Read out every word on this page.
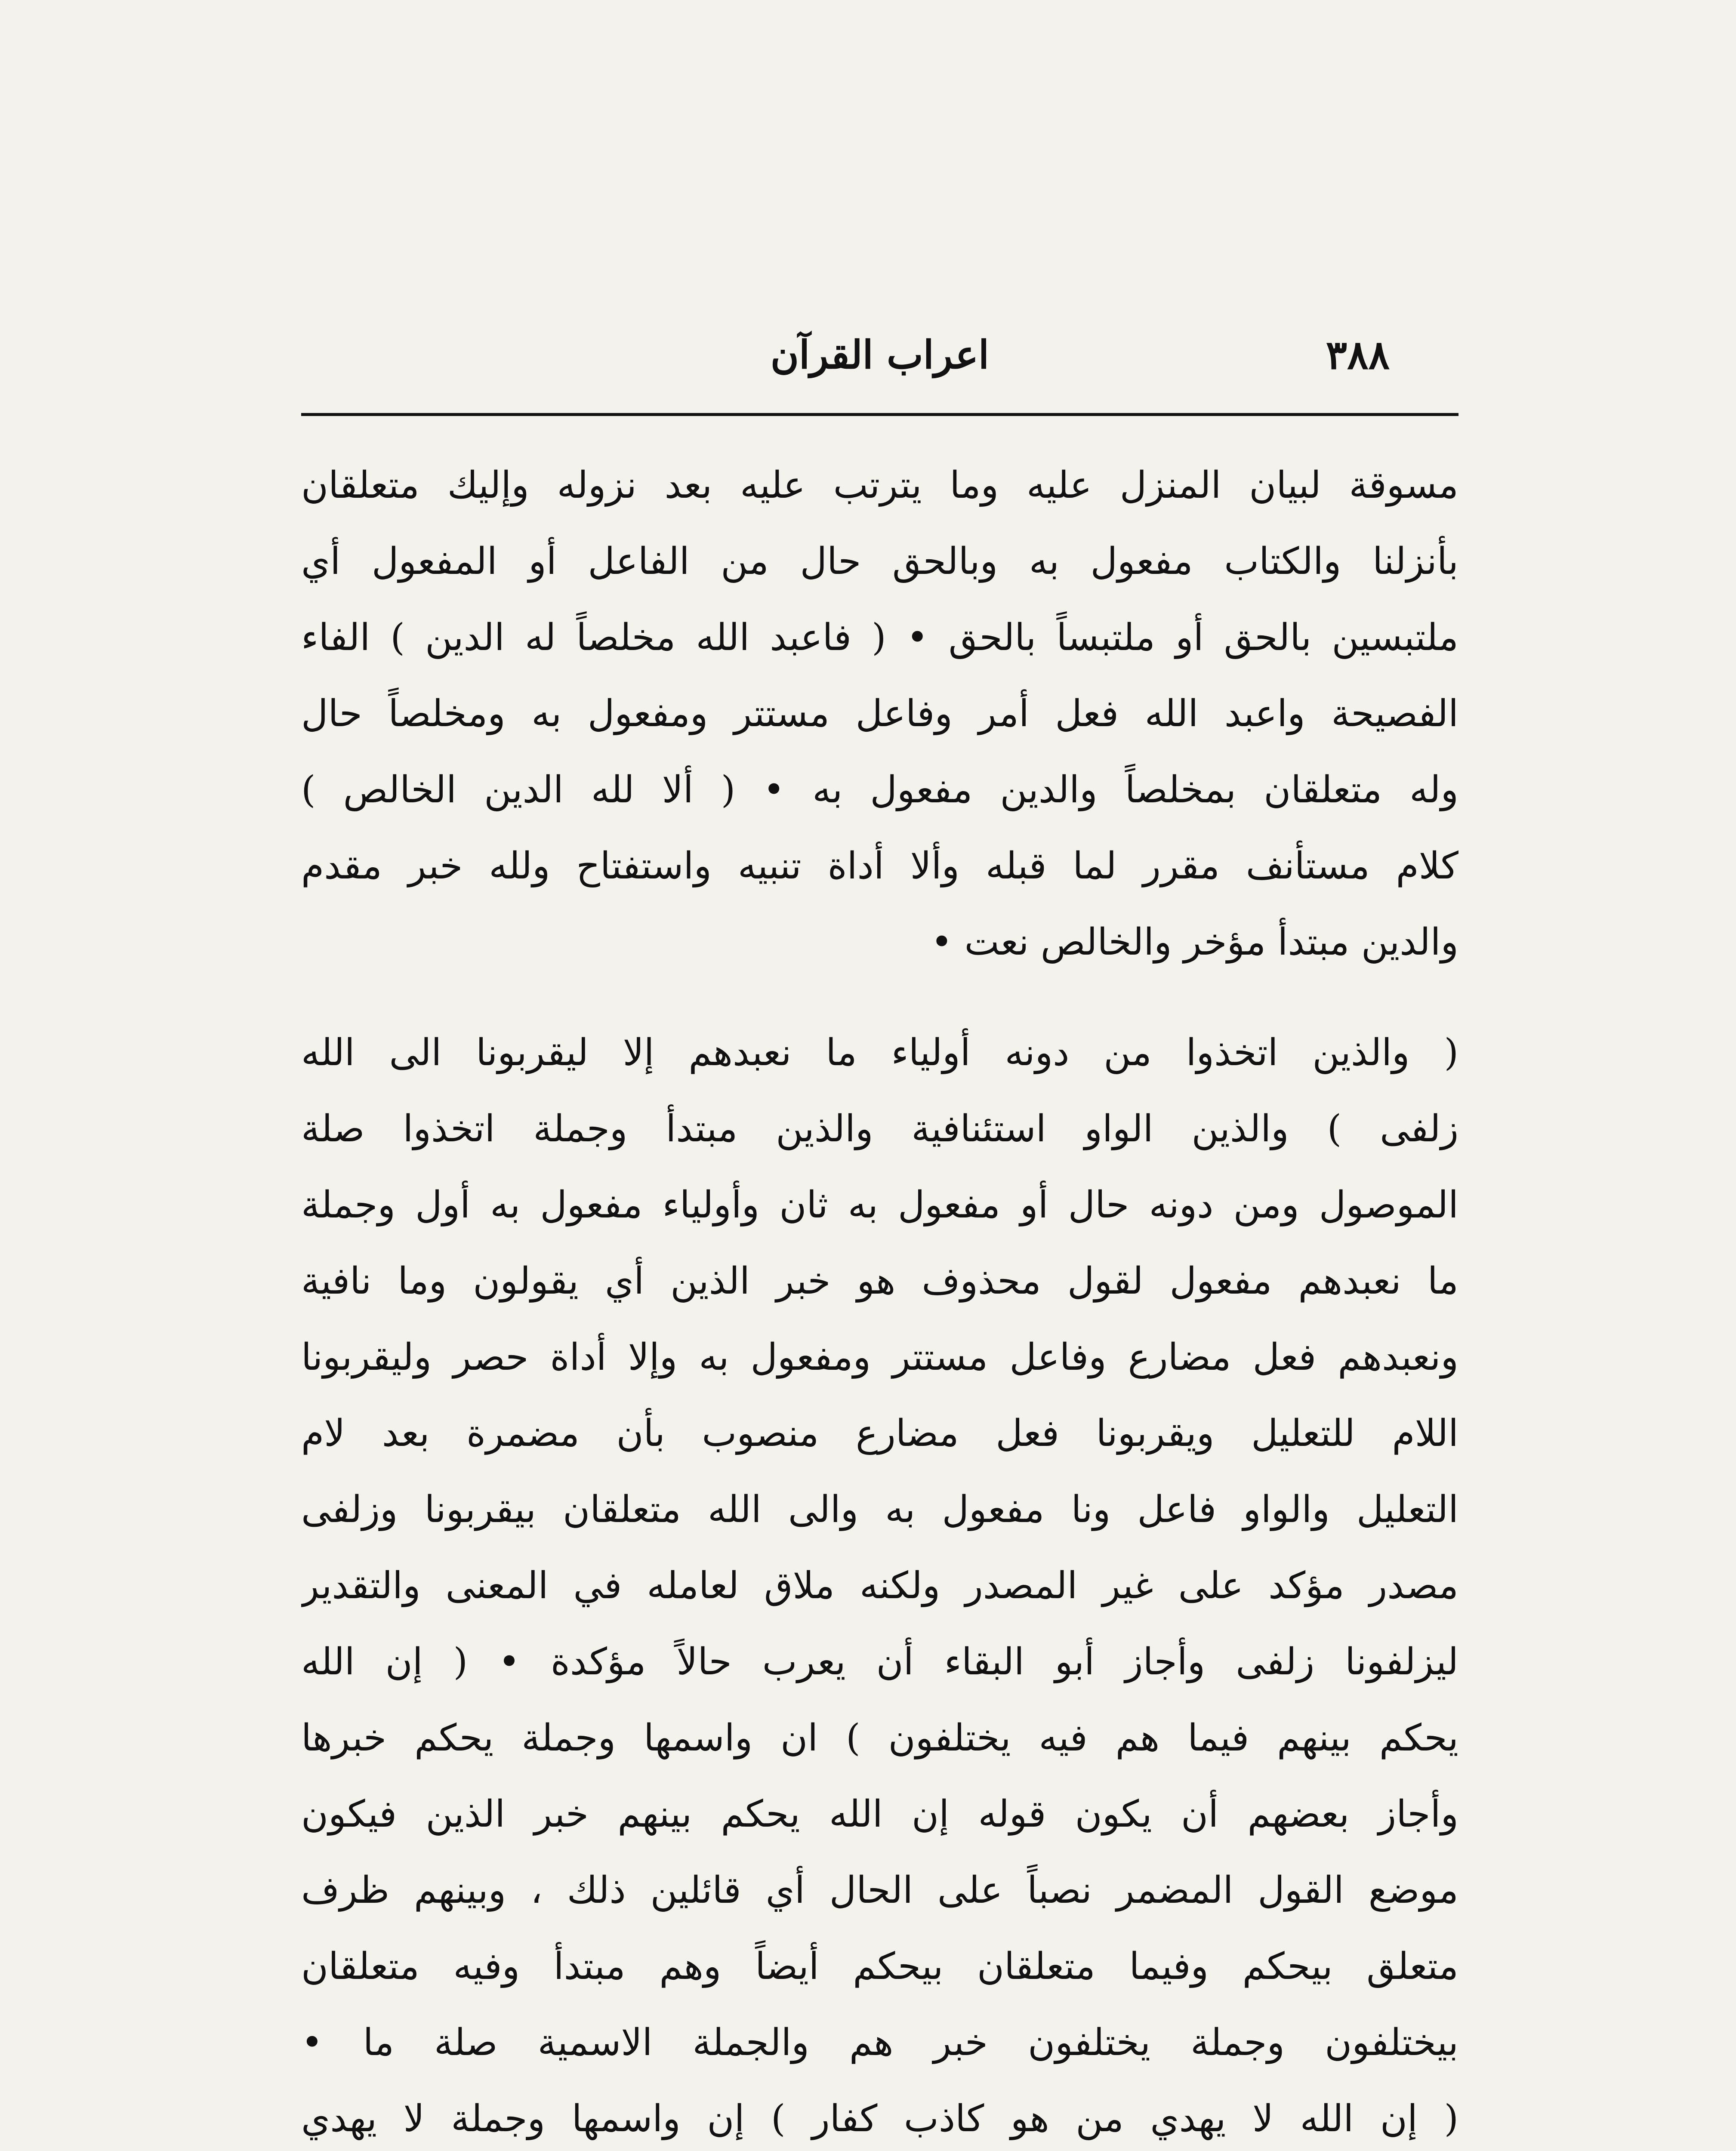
٣٨٨
اعراب القرآن
مسوقة لبيان المنزل عليه وما يترتب عليه بعد نزوله وإليك متعلقان
بأنزلنا والكتاب مفعول به وبالحق حال من الفاعل أو المفعول أي
ملتبسين بالحق أو ملتبساً بالحق • ( فاعبد الله مخلصاً له الدين ) الفاء
الفصيحة واعبد الله فعل أمر وفاعل مستتر ومفعول به ومخلصاً حال
وله متعلقان بمخلصاً والدين مفعول به • ( ألا لله الدين الخالص )
كلام مستأنف مقرر لما قبله وألا أداة تنبيه واستفتاح ولله خبر مقدم
والدين مبتدأ مؤخر والخالص نعت •
( والذين اتخذوا من دونه أولياء ما نعبدهم إلا ليقربونا الى الله
زلفى ) والذين الواو استئنافية والذين مبتدأ وجملة اتخذوا صلة
الموصول ومن دونه حال أو مفعول به ثان وأولياء مفعول به أول وجملة
ما نعبدهم مفعول لقول محذوف هو خبر الذين أي يقولون وما نافية
ونعبدهم فعل مضارع وفاعل مستتر ومفعول به وإلا أداة حصر وليقربونا
اللام للتعليل ويقربونا فعل مضارع منصوب بأن مضمرة بعد لام
التعليل والواو فاعل ونا مفعول به والى الله متعلقان بيقربونا وزلفى
مصدر مؤكد على غير المصدر ولكنه ملاق لعامله في المعنى والتقدير
ليزلفونا زلفى وأجاز أبو البقاء أن يعرب حالاً مؤكدة • ( إن الله
يحكم بينهم فيما هم فيه يختلفون ) ان واسمها وجملة يحكم خبرها
وأجاز بعضهم أن يكون قوله إن الله يحكم بينهم خبر الذين فيكون
موضع القول المضمر نصباً على الحال أي قائلين ذلك ، وبينهم ظرف
متعلق بيحكم وفيما متعلقان بيحكم أيضاً وهم مبتدأ وفيه متعلقان
بيختلفون وجملة يختلفون خبر هم والجملة الاسمية صلة ما •
( إن الله لا يهدي من هو كاذب كفار ) إن واسمها وجملة لا يهدي
